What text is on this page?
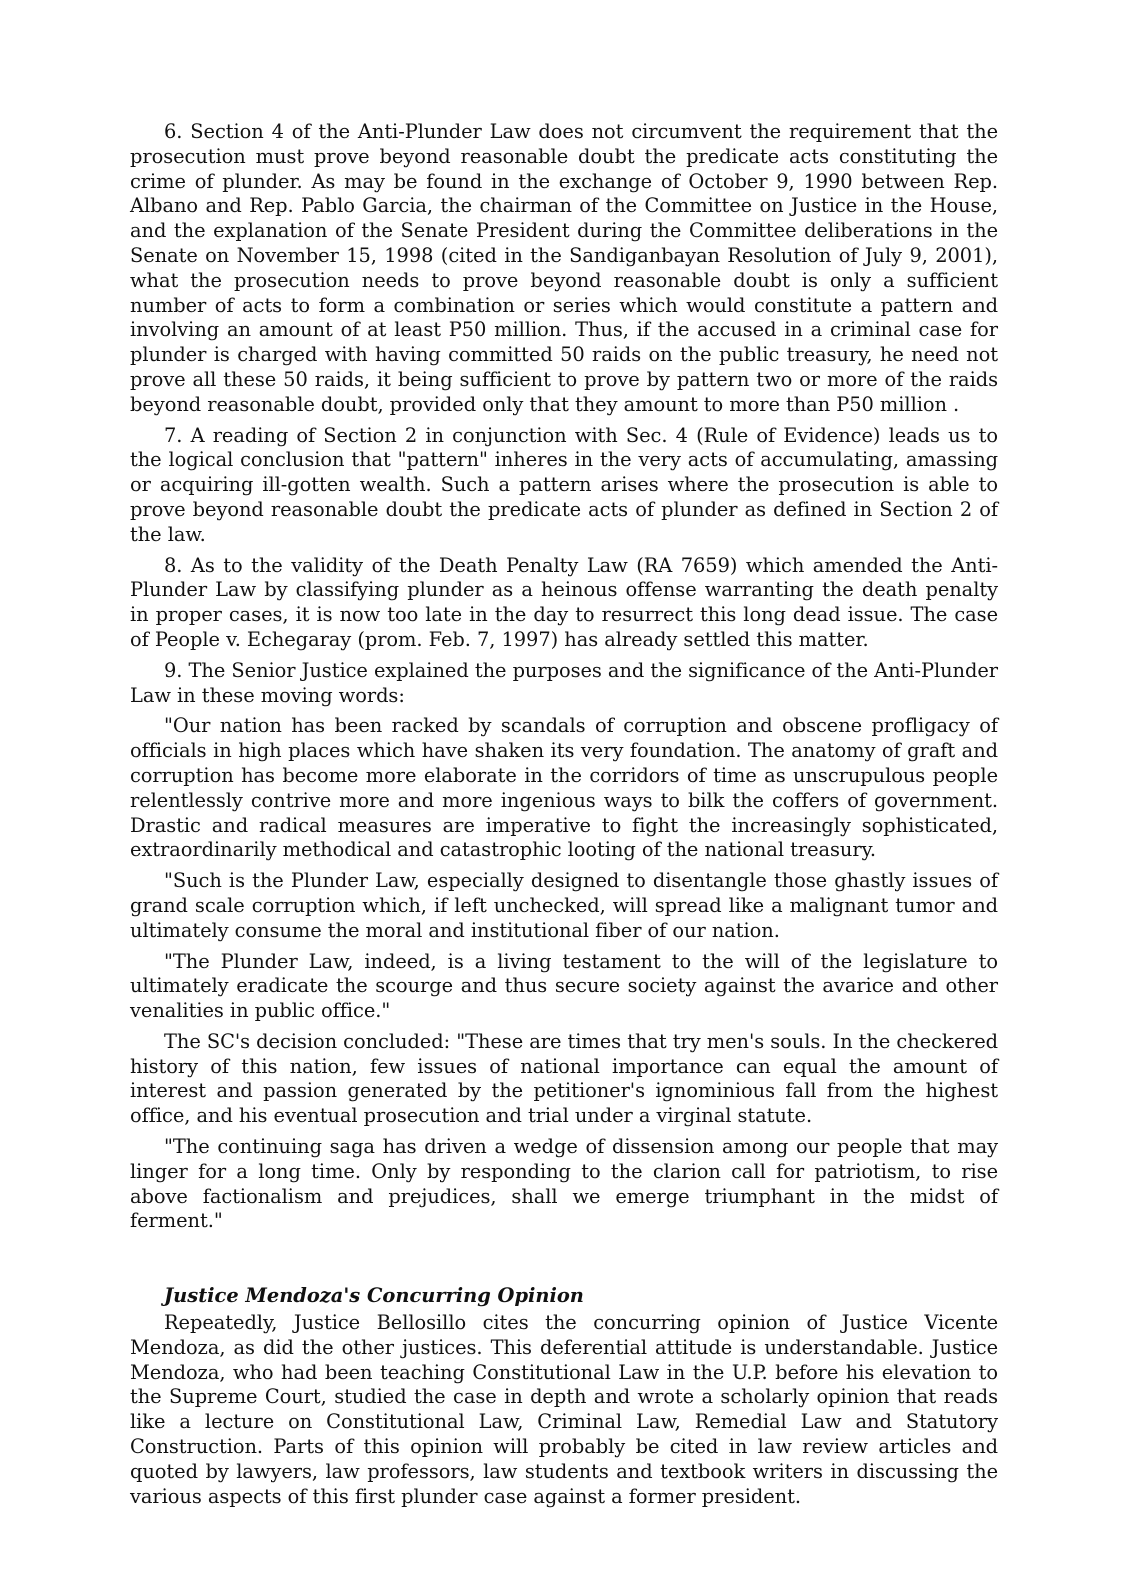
6. Section 4 of the Anti-Plunder Law does not circumvent the requirement that the prosecution must prove beyond reasonable doubt the predicate acts constituting the crime of plunder. As may be found in the exchange of October 9, 1990 between Rep. Albano and Rep. Pablo Garcia, the chairman of the Committee on Justice in the House, and the explanation of the Senate President during the Committee deliberations in the Senate on November 15, 1998 (cited in the Sandiganbayan Resolution of July 9, 2001), what the prosecution needs to prove beyond reasonable doubt is only a sufficient number of acts to form a combination or series which would constitute a pattern and involving an amount of at least P50 million. Thus, if the accused in a criminal case for plunder is charged with having committed 50 raids on the public treasury, he need not prove all these 50 raids, it being sufficient to prove by pattern two or more of the raids beyond reasonable doubt, provided only that they amount to more than P50 million .

7. A reading of Section 2 in conjunction with Sec. 4 (Rule of Evidence) leads us to the logical conclusion that "pattern" inheres in the very acts of accumulating, amassing or acquiring ill-gotten wealth. Such a pattern arises where the prosecution is able to prove beyond reasonable doubt the predicate acts of plunder as defined in Section 2 of the law.

8. As to the validity of the Death Penalty Law (RA 7659) which amended the Anti-Plunder Law by classifying plunder as a heinous offense warranting the death penalty in proper cases, it is now too late in the day to resurrect this long dead issue. The case of People v. Echegaray (prom. Feb. 7, 1997) has already settled this matter.

9. The Senior Justice explained the purposes and the significance of the Anti-Plunder Law in these moving words:

"Our nation has been racked by scandals of corruption and obscene profligacy of officials in high places which have shaken its very foundation. The anatomy of graft and corruption has become more elaborate in the corridors of time as unscrupulous people relentlessly contrive more and more ingenious ways to bilk the coffers of government. Drastic and radical measures are imperative to fight the increasingly sophisticated, extraordinarily methodical and catastrophic looting of the national treasury.

"Such is the Plunder Law, especially designed to disentangle those ghastly issues of grand scale corruption which, if left unchecked, will spread like a malignant tumor and ultimately consume the moral and institutional fiber of our nation.

"The Plunder Law, indeed, is a living testament to the will of the legislature to ultimately eradicate the scourge and thus secure society against the avarice and other venalities in public office."

The SC's decision concluded: "These are times that try men's souls. In the checkered history of this nation, few issues of national importance can equal the amount of interest and passion generated by the petitioner's ignominious fall from the highest office, and his eventual prosecution and trial under a virginal statute.

"The continuing saga has driven a wedge of dissension among our people that may linger for a long time. Only by responding to the clarion call for patriotism, to rise above factionalism and prejudices, shall we emerge triumphant in the midst of ferment."

Justice Mendoza's Concurring Opinion

Repeatedly, Justice Bellosillo cites the concurring opinion of Justice Vicente Mendoza, as did the other justices. This deferential attitude is understandable. Justice Mendoza, who had been teaching Constitutional Law in the U.P. before his elevation to the Supreme Court, studied the case in depth and wrote a scholarly opinion that reads like a lecture on Constitutional Law, Criminal Law, Remedial Law and Statutory Construction. Parts of this opinion will probably be cited in law review articles and quoted by lawyers, law professors, law students and textbook writers in discussing the various aspects of this first plunder case against a former president.
